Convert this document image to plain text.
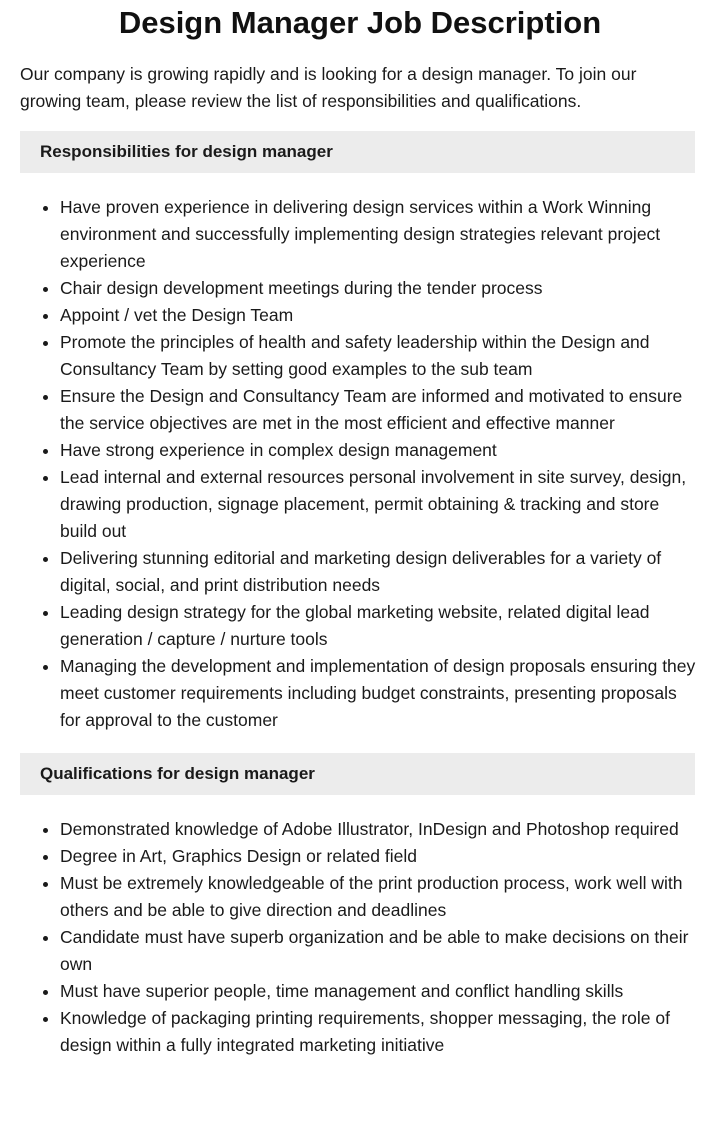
Design Manager Job Description

Our company is growing rapidly and is looking for a design manager. To join our growing team, please review the list of responsibilities and qualifications.

Responsibilities for design manager
• Have proven experience in delivering design services within a Work Winning environment and successfully implementing design strategies relevant project experience
• Chair design development meetings during the tender process
• Appoint / vet the Design Team
• Promote the principles of health and safety leadership within the Design and Consultancy Team by setting good examples to the sub team
• Ensure the Design and Consultancy Team are informed and motivated to ensure the service objectives are met in the most efficient and effective manner
• Have strong experience in complex design management
• Lead internal and external resources personal involvement in site survey, design, drawing production, signage placement, permit obtaining & tracking and store build out
• Delivering stunning editorial and marketing design deliverables for a variety of digital, social, and print distribution needs
• Leading design strategy for the global marketing website, related digital lead generation / capture / nurture tools
• Managing the development and implementation of design proposals ensuring they meet customer requirements including budget constraints, presenting proposals for approval to the customer
Qualifications for design manager
• Demonstrated knowledge of Adobe Illustrator, InDesign and Photoshop required
• Degree in Art, Graphics Design or related field
• Must be extremely knowledgeable of the print production process, work well with others and be able to give direction and deadlines
• Candidate must have superb organization and be able to make decisions on their own
• Must have superior people, time management and conflict handling skills
• Knowledge of packaging printing requirements, shopper messaging, the role of design within a fully integrated marketing initiative
